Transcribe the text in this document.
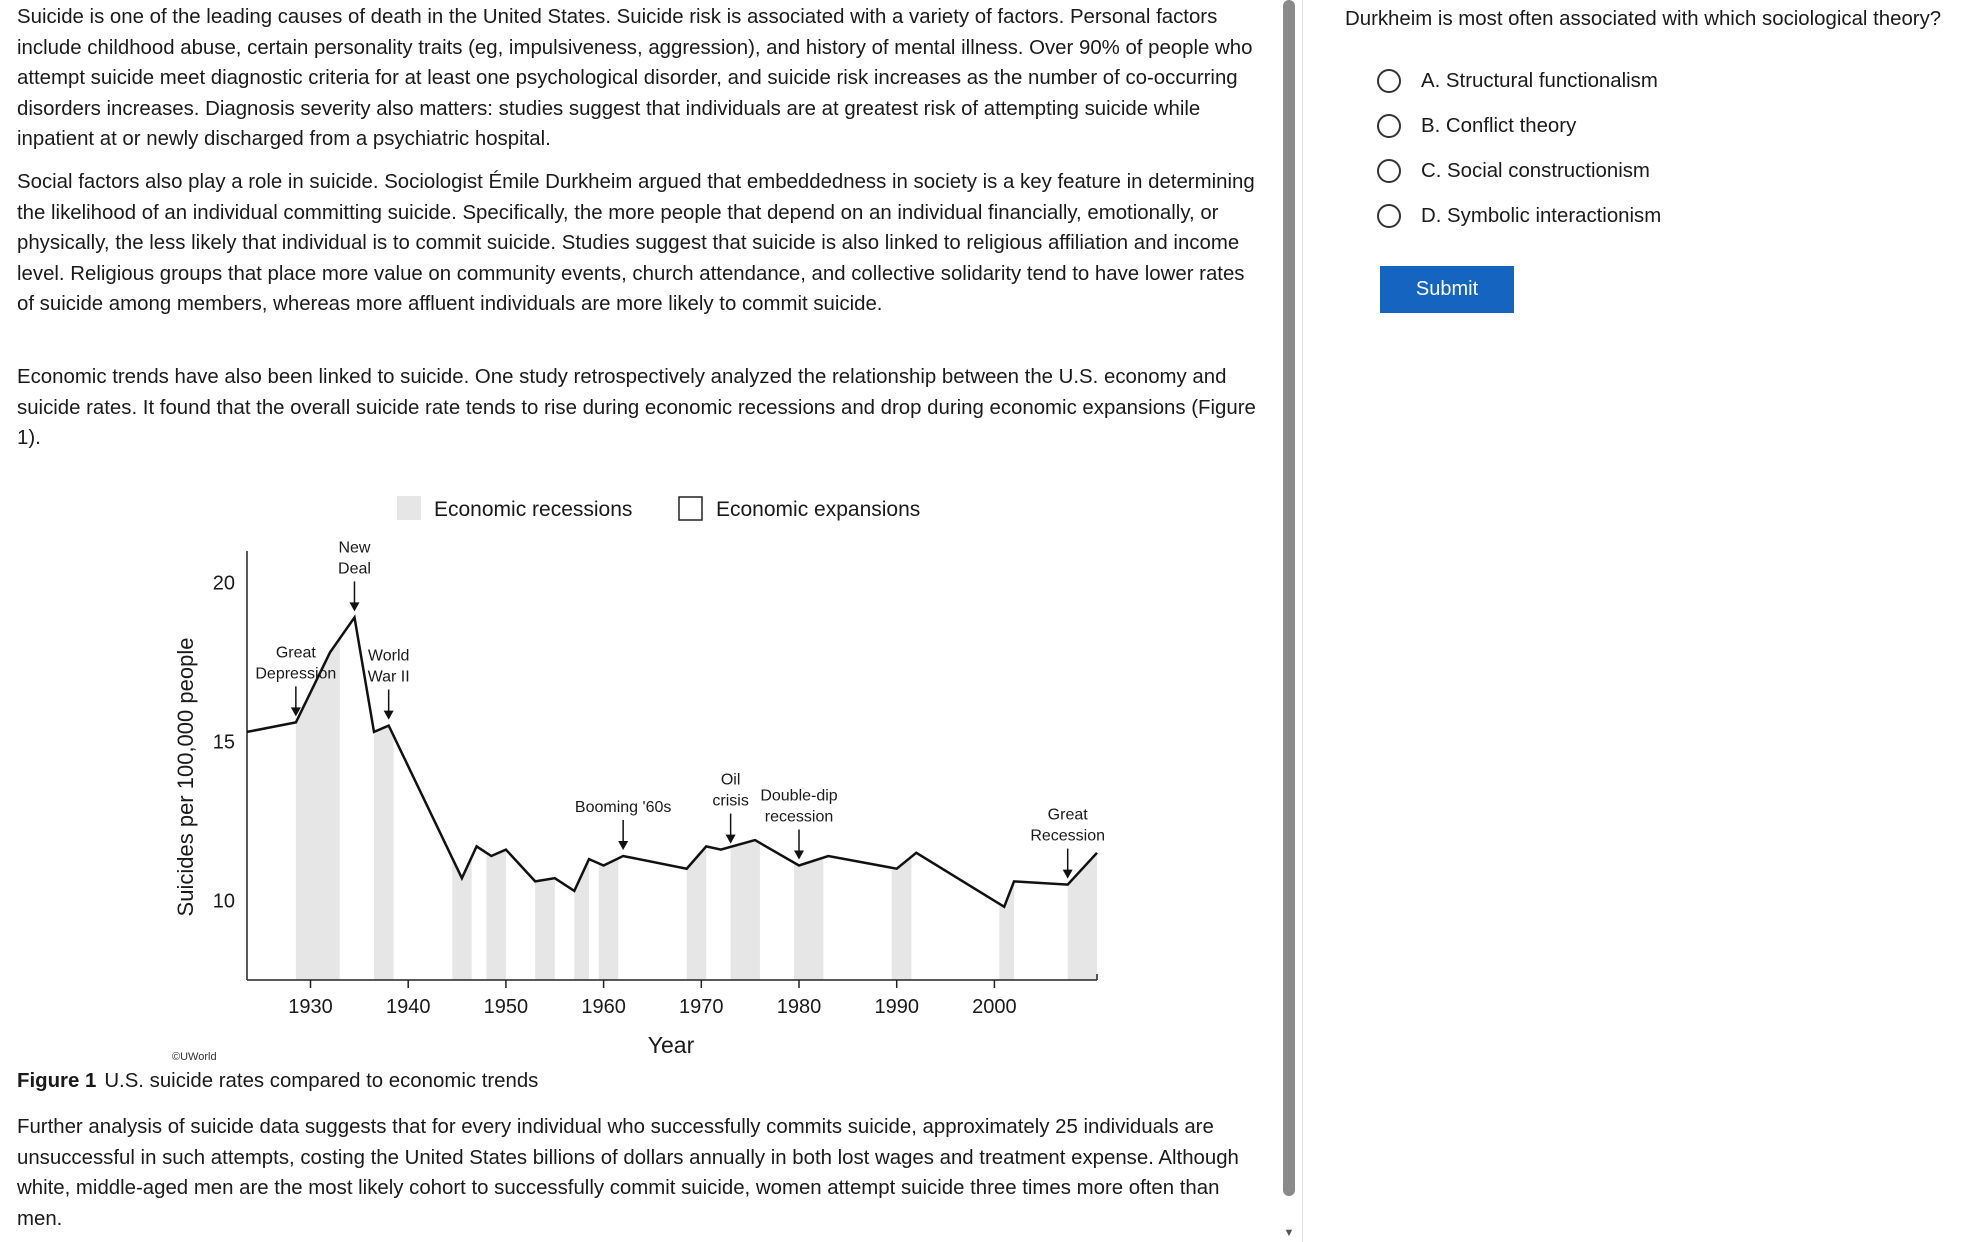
Suicide is one of the leading causes of death in the United States. Suicide risk is associated with a variety of factors. Personal factors include childhood abuse, certain personality traits (eg, impulsiveness, aggression), and history of mental illness. Over 90% of people who attempt suicide meet diagnostic criteria for at least one psychological disorder, and suicide risk increases as the number of co-occurring disorders increases. Diagnosis severity also matters: studies suggest that individuals are at greatest risk of attempting suicide while inpatient at or newly discharged from a psychiatric hospital.

Social factors also play a role in suicide. Sociologist Émile Durkheim argued that embeddedness in society is a key feature in determining the likelihood of an individual committing suicide. Specifically, the more people that depend on an individual financially, emotionally, or physically, the less likely that individual is to commit suicide. Studies suggest that suicide is also linked to religious affiliation and income level. Religious groups that place more value on community events, church attendance, and collective solidarity tend to have lower rates of suicide among members, whereas more affluent individuals are more likely to commit suicide.

Economic trends have also been linked to suicide. One study retrospectively analyzed the relationship between the U.S. economy and suicide rates. It found that the overall suicide rate tends to rise during economic recessions and drop during economic expansions (Figure 1).

Economic recessions	Economic expansions
1930	1940	1950	1960	1970	1980	1990	2000
10
15
20
Great
Depression
New
Deal
World
War II
Booming '60s
Oil
crisis Double-dip
recession	Great
Recession
Suicides per 100,000 people
Year
©UWorld

Figure 1 U.S. suicide rates compared to economic trends

Further analysis of suicide data suggests that for every individual who successfully commits suicide, approximately 25 individuals are unsuccessful in such attempts, costing the United States billions of dollars annually in both lost wages and treatment expense. Although white, middle-aged men are the most likely cohort to successfully commit suicide, women attempt suicide three times more often than men.

▼
Durkheim is most often associated with which sociological theory?
A. Structural functionalism
B. Conflict theory
C. Social constructionism
D. Symbolic interactionism
Submit
